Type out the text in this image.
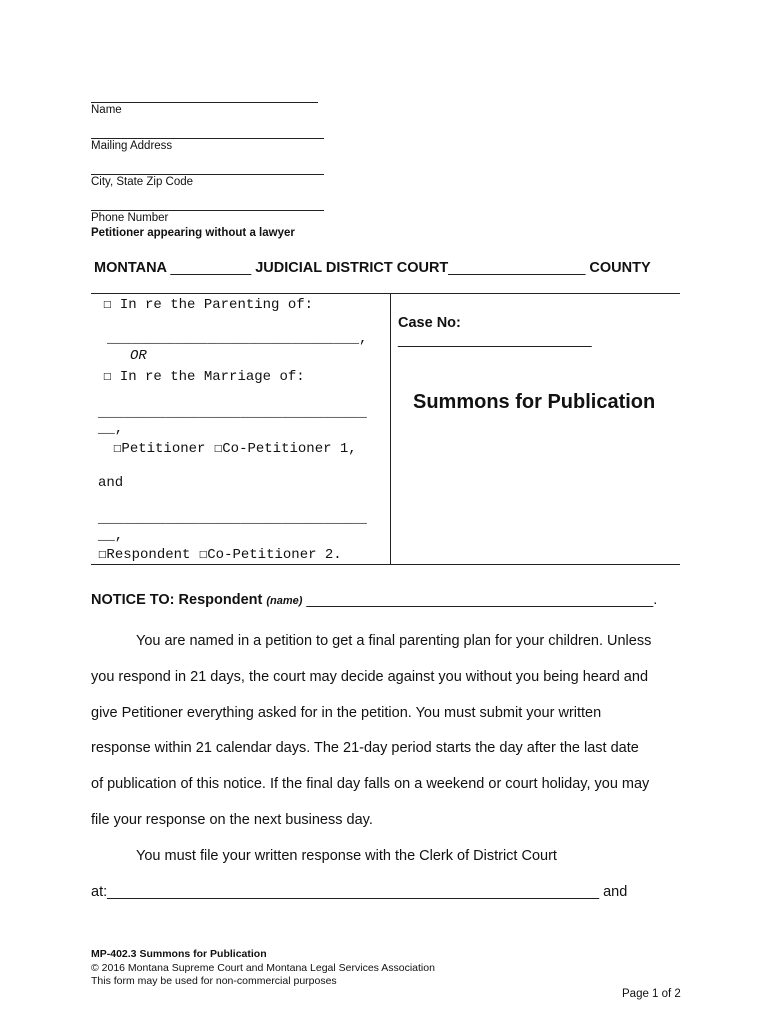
Name
Mailing Address
City, State Zip Code
Phone Number
Petitioner appearing without a lawyer
MONTANA __________ JUDICIAL DISTRICT COURT_________________ COUNTY
☐ In re the Parenting of:
______________________________,
OR
☐ In re the Marriage of:
________________________________
__,
☐Petitioner ☐Co-Petitioner 1,
and
________________________________
__,
☐Respondent ☐Co-Petitioner 2.
Case No:
________________________
Summons for Publication
NOTICE TO: Respondent (name) ___________________________________________.
You are named in a petition to get a final parenting plan for your children. Unless
you respond in 21 days, the court may decide against you without you being heard and
give Petitioner everything asked for in the petition. You must submit your written
response within 21 calendar days. The 21-day period starts the day after the last date
of publication of this notice. If the final day falls on a weekend or court holiday, you may
file your response on the next business day.
You must file your written response with the Clerk of District Court
at:_____________________________________________________________ and
MP-402.3 Summons for Publication
© 2016 Montana Supreme Court and Montana Legal Services Association
This form may be used for non-commercial purposes
Page 1 of 2
